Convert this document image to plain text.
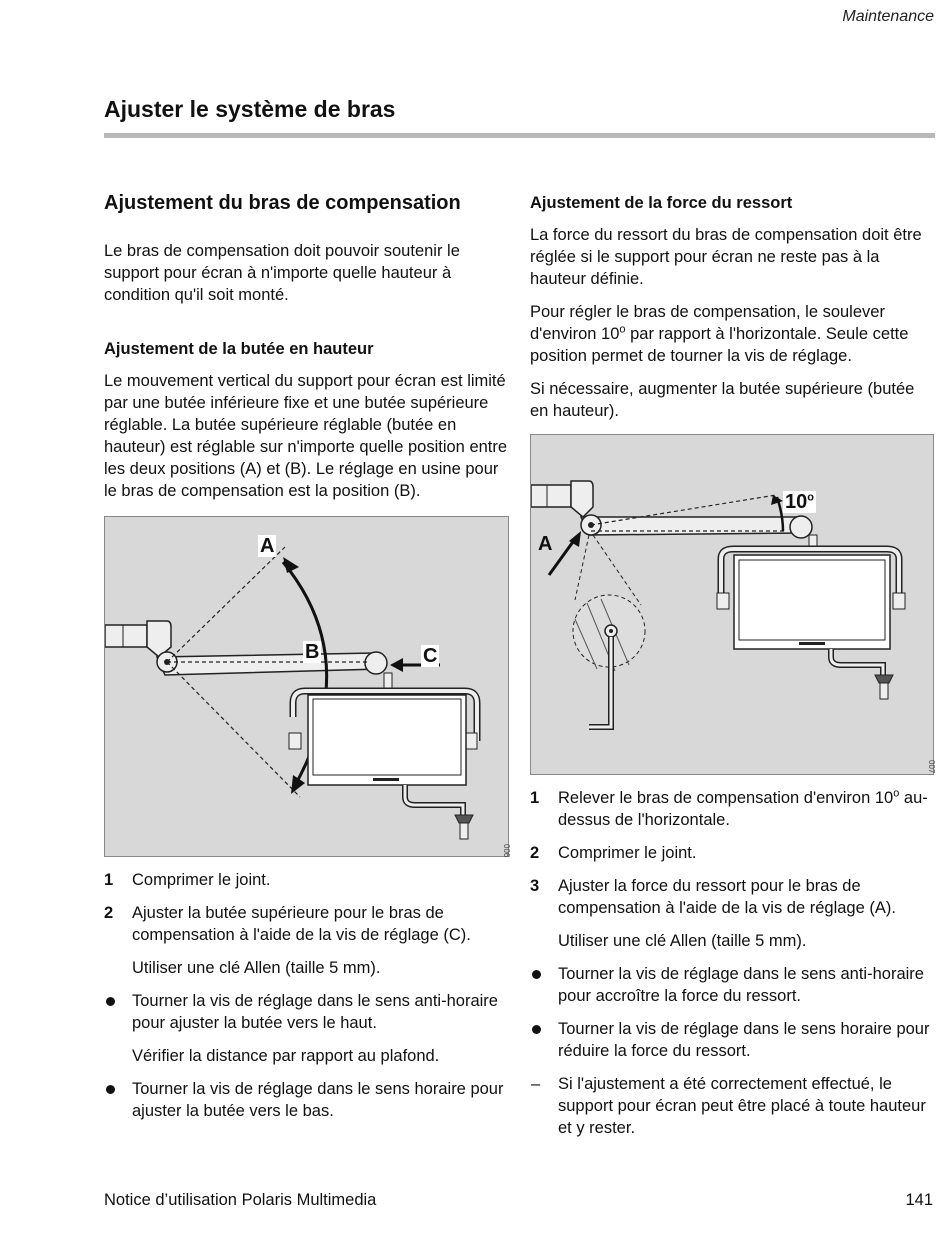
Maintenance
Ajuster le système de bras
Ajustement du bras de compensation

Le bras de compensation doit pouvoir soutenir le support pour écran à n'importe quelle hauteur à condition qu'il soit monté.

Ajustement de la butée en hauteur

Le mouvement vertical du support pour écran est limité par une butée inférieure fixe et une butée supérieure réglable. La butée supérieure réglable (butée en hauteur) est réglable sur n'importe quelle position entre les deux positions (A) et (B). Le réglage en usine pour le bras de compensation est la position (B).

A
B	C
006
1 Comprimer le joint.
2 Ajuster la butée supérieure pour le bras de compensation à l'aide de la vis de réglage (C).
Utiliser une clé Allen (taille 5 mm).
Tourner la vis de réglage dans le sens anti-horaire pour ajuster la butée vers le haut.
Vérifier la distance par rapport au plafond.
Tourner la vis de réglage dans le sens horaire pour ajuster la butée vers le bas.
Ajustement de la force du ressort

La force du ressort du bras de compensation doit être réglée si le support pour écran ne reste pas à la hauteur définie.

Pour régler le bras de compensation, le soulever d'environ 10$^o$ par rapport à l'horizontale. Seule cette position permet de tourner la vis de réglage.

Si nécessaire, augmenter la butée supérieure (butée en hauteur).

A
10$^o$
007
1 Relever le bras de compensation d'environ 10$^o$ au-dessus de l'horizontale.
2 Comprimer le joint.
3 Ajuster la force du ressort pour le bras de compensation à l'aide de la vis de réglage (A).
Utiliser une clé Allen (taille 5 mm).
Tourner la vis de réglage dans le sens anti-horaire pour accroître la force du ressort.
Tourner la vis de réglage dans le sens horaire pour réduire la force du ressort.
– Si l'ajustement a été correctement effectué, le support pour écran peut être placé à toute hauteur et y rester.
Notice d’utilisation Polaris Multimedia	141
